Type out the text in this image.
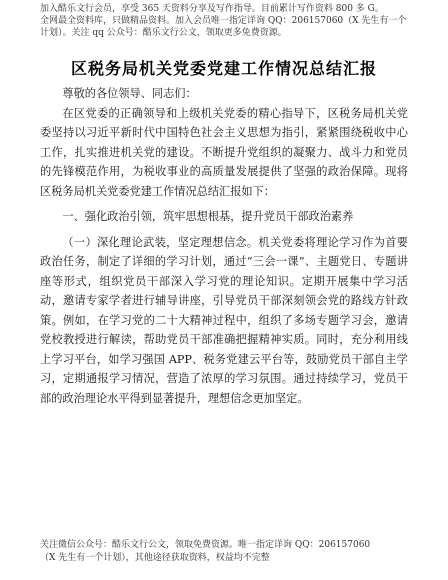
加入酷乐文行会员，享受 365 天资料分享及写作指导。目前累计写作资料 800 多 G。
全网最全资料库，只做精品资料。加入会员唯一指定详询 QQ：206157060（X 先生有一个计划）。关注 qq 公众号：酷乐文行公文，领取更多免费资源。
区税务局机关党委党建工作情况总结汇报

尊敬的各位领导、同志们：

在区党委的正确领导和上级机关党委的精心指导下，区税务局机关党委坚持以习近平新时代中国特色社会主义思想为指引，紧紧围绕税收中心工作，扎实推进机关党的建设。不断提升党组织的凝聚力、战斗力和党员的先锋模范作用，为税收事业的高质量发展提供了坚强的政治保障。现将区税务局机关党委党建工作情况总结汇报如下：

一、强化政治引领，筑牢思想根基，提升党员干部政治素养

（一）深化理论武装，坚定理想信念。机关党委将理论学习作为首要政治任务，制定了详细的学习计划，通过“三会一课”、主题党日、专题讲座等形式，组织党员干部深入学习党的理论知识。定期开展集中学习活动，邀请专家学者进行辅导讲座，引导党员干部深刻领会党的路线方针政策。例如，在学习党的二十大精神过程中，组织了多场专题学习会，邀请党校教授进行解读，帮助党员干部准确把握精神实质。同时，充分利用线上学习平台，如学习强国 APP、税务党建云平台等，鼓励党员干部自主学习，定期通报学习情况，营造了浓厚的学习氛围。通过持续学习，党员干部的政治理论水平得到显著提升，理想信念更加坚定。

关注微信公众号：酷乐文行公文，领取免费资源。唯一指定详询 QQ：206157060
（X 先生有一个计划），其他途径获取资料，权益均不完整
